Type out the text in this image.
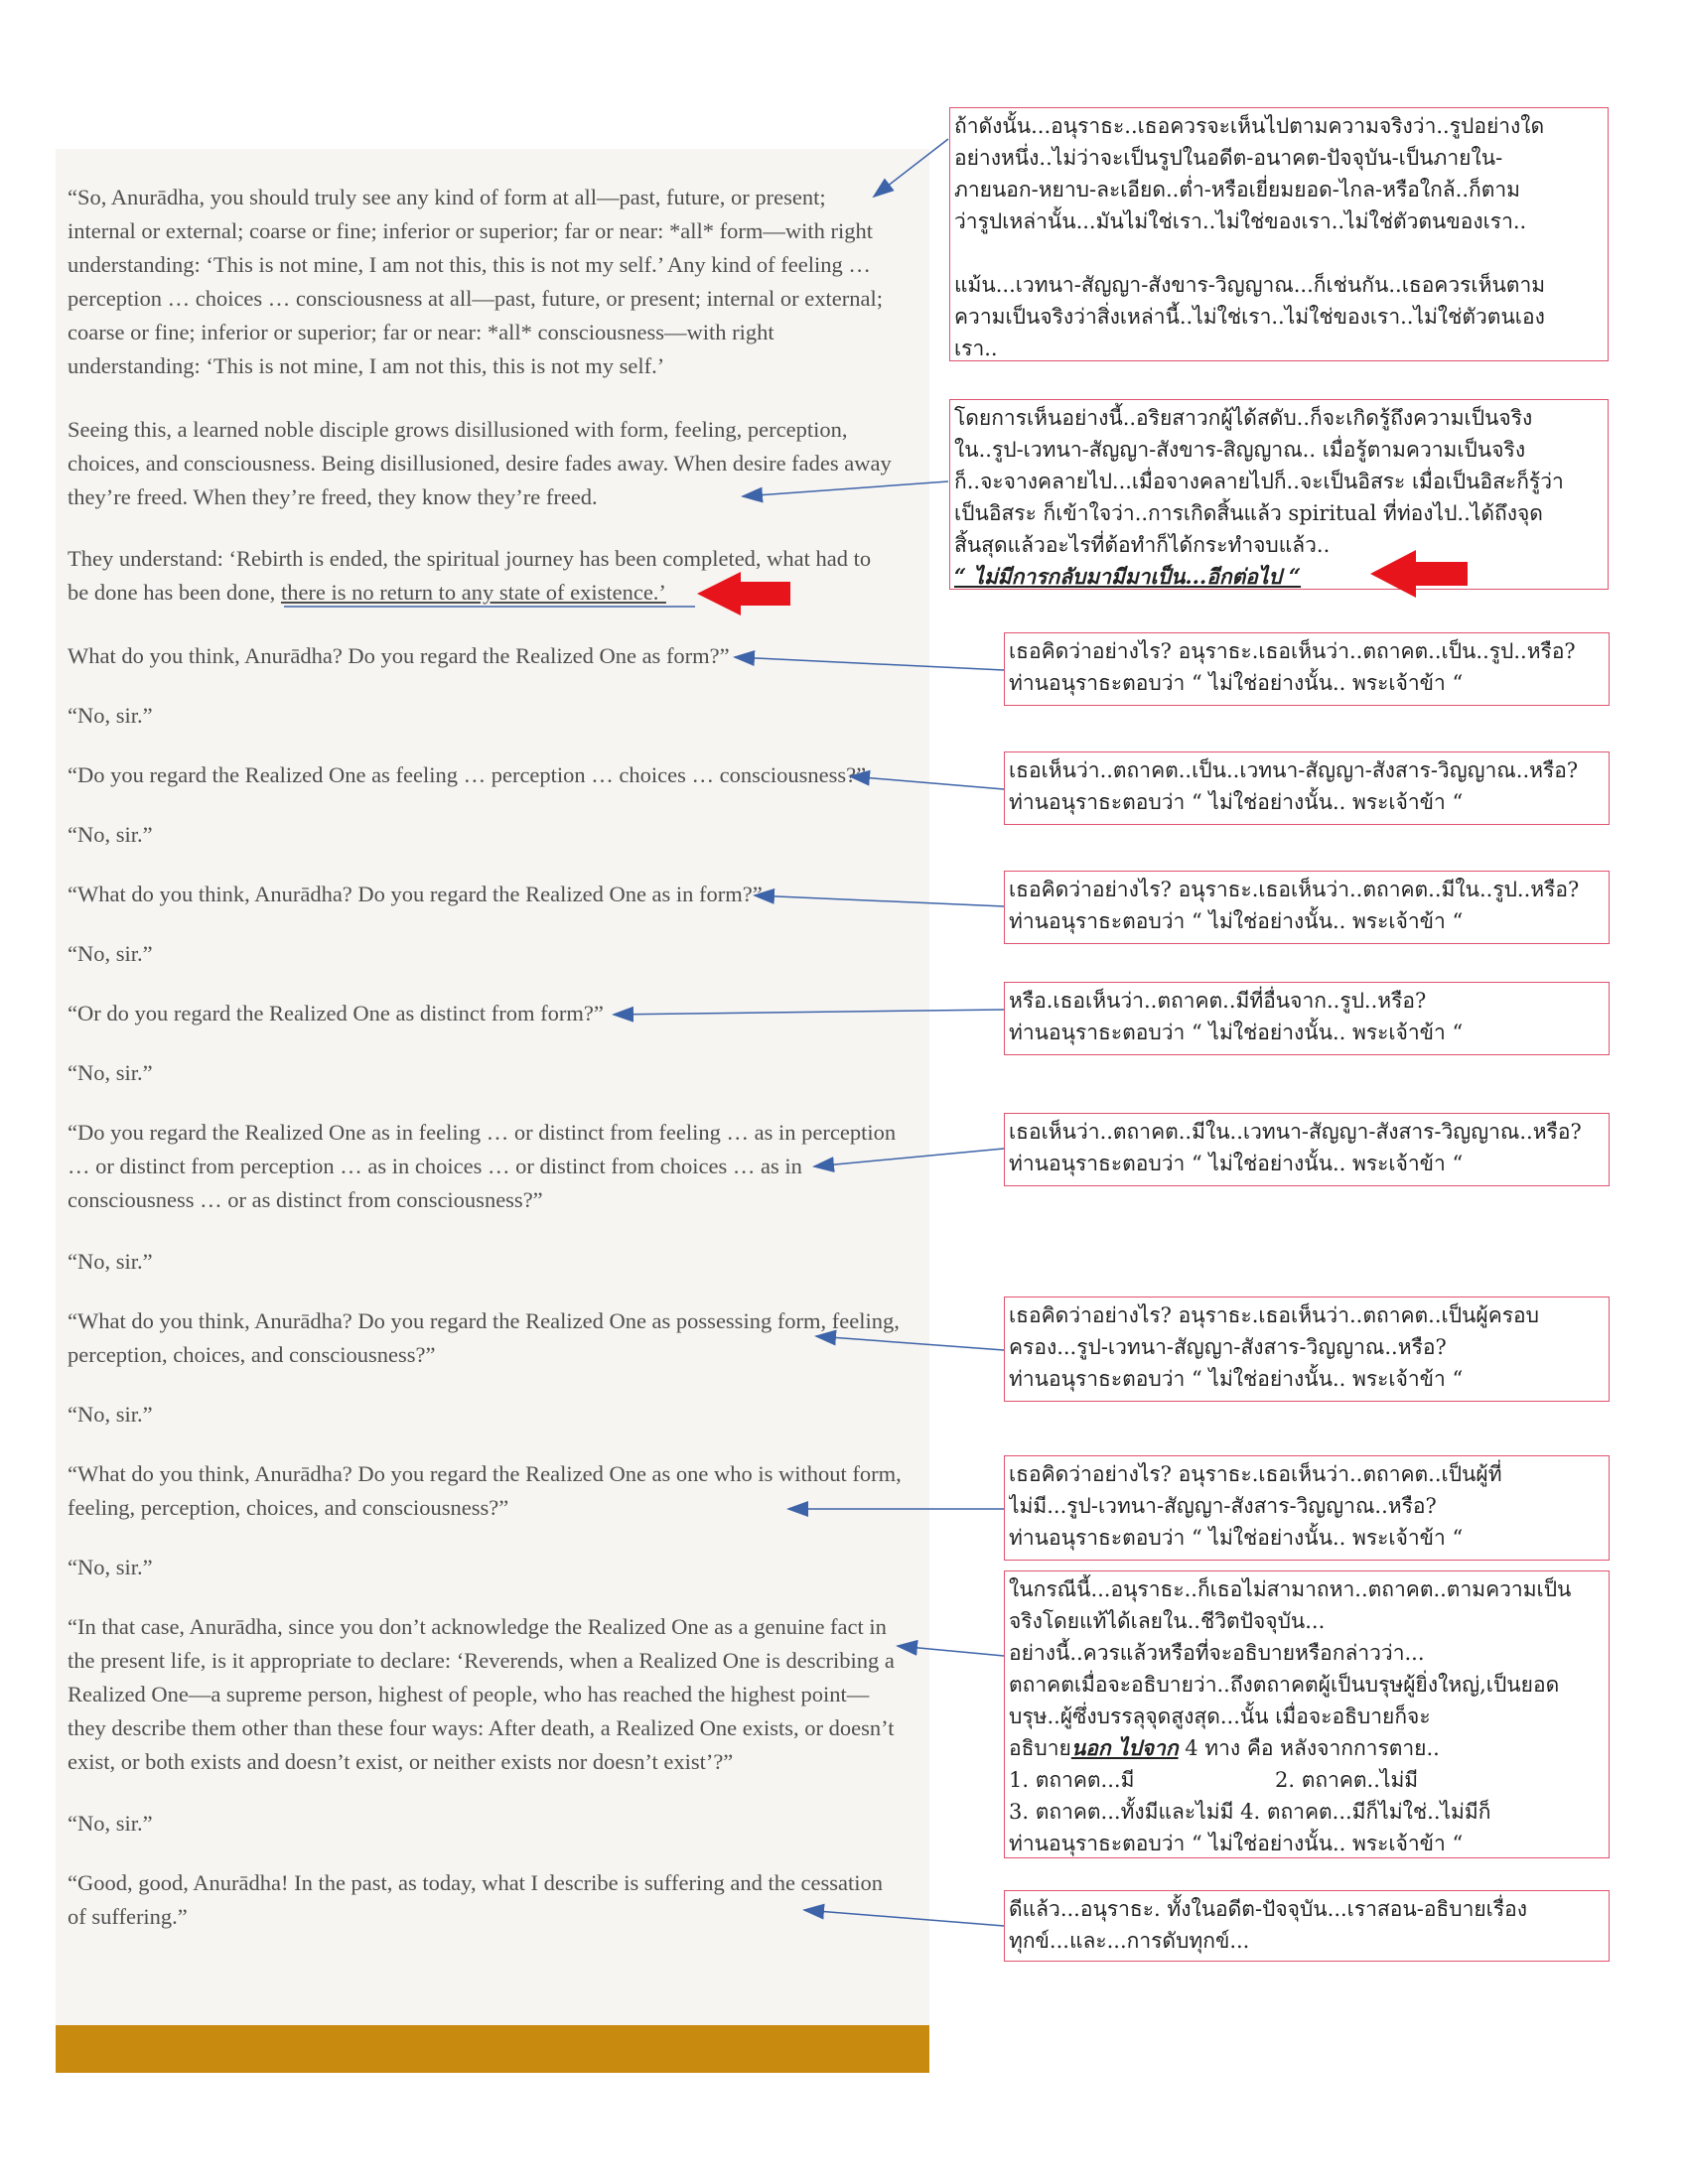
“So, Anurādha, you should truly see any kind of form at all—past, future, or present;
internal or external; coarse or fine; inferior or superior; far or near: *all* form—with right
understanding: ‘This is not mine, I am not this, this is not my self.’ Any kind of feeling …
perception … choices … consciousness at all—past, future, or present; internal or external;
coarse or fine; inferior or superior; far or near: *all* consciousness—with right
understanding: ‘This is not mine, I am not this, this is not my self.’
Seeing this, a learned noble disciple grows disillusioned with form, feeling, perception,
choices, and consciousness. Being disillusioned, desire fades away. When desire fades away
they’re freed. When they’re freed, they know they’re freed.
They understand: ‘Rebirth is ended, the spiritual journey has been completed, what had to
be done has been done, there is no return to any state of existence.’
What do you think, Anurādha? Do you regard the Realized One as form?”
“No, sir.”
“Do you regard the Realized One as feeling … perception … choices … consciousness?”
“No, sir.”
“What do you think, Anurādha? Do you regard the Realized One as in form?”
“No, sir.”
“Or do you regard the Realized One as distinct from form?”
“No, sir.”
“Do you regard the Realized One as in feeling … or distinct from feeling … as in perception
… or distinct from perception … as in choices … or distinct from choices … as in
consciousness … or as distinct from consciousness?”
“No, sir.”
“What do you think, Anurādha? Do you regard the Realized One as possessing form, feeling,
perception, choices, and consciousness?”
“No, sir.”
“What do you think, Anurādha? Do you regard the Realized One as one who is without form,
feeling, perception, choices, and consciousness?”
“No, sir.”
“In that case, Anurādha, since you don’t acknowledge the Realized One as a genuine fact in
the present life, is it appropriate to declare: ‘Reverends, when a Realized One is describing a
Realized One—a supreme person, highest of people, who has reached the highest point—
they describe them other than these four ways: After death, a Realized One exists, or doesn’t
exist, or both exists and doesn’t exist, or neither exists nor doesn’t exist’?”
“No, sir.”
“Good, good, Anurādha! In the past, as today, what I describe is suffering and the cessation
of suffering.”
ถ้าดังนั้น...อนุราธะ..เธอควรจะเห็นไปตามความจริงว่า..รูปอย่างใด
อย่างหนึ่ง..ไม่ว่าจะเป็นรูปในอดีต-อนาคต-ปัจจุบัน-เป็นภายใน-
ภายนอก-หยาบ-ละเอียด..ต่ำ-หรือเยี่ยมยอด-ไกล-หรือใกล้..ก็ตาม
ว่ารูปเหล่านั้น...มันไม่ใช่เรา..ไม่ใช่ของเรา..ไม่ใช่ตัวตนของเรา..
แม้น...เวทนา-สัญญา-สังขาร-วิญญาณ...ก็เช่นกัน..เธอควรเห็นตาม
ความเป็นจริงว่าสิ่งเหล่านี้..ไม่ใช่เรา..ไม่ใช่ของเรา..ไม่ใช่ตัวตนเอง
เรา..
โดยการเห็นอย่างนี้..อริยสาวกผู้ได้สดับ..ก็จะเกิดรู้ถึงความเป็นจริง
ใน..รูป-เวทนา-สัญญา-สังขาร-สิญญาณ.. เมื่อรู้ตามความเป็นจริง
ก็..จะจางคลายไป...เมื่อจางคลายไปก็..จะเป็นอิสระ เมื่อเป็นอิสะก็รู้ว่า
เป็นอิสระ ก็เข้าใจว่า..การเกิดสิ้นแล้ว spiritual ที่ท่องไป..ได้ถึงจุด
สิ้นสุดแล้วอะไรที่ต้อทำก็ได้กระทำจบแล้ว..
“ ไม่มีการกลับมามีมาเป็น...อีกต่อไป “
เธอคิดว่าอย่างไร? อนุราธะ.เธอเห็นว่า..ตถาคต..เป็น..รูป..หรือ?
ท่านอนุราธะตอบว่า “ ไม่ใช่อย่างนั้น.. พระเจ้าข้า “
เธอเห็นว่า..ตถาคต..เป็น..เวทนา-สัญญา-สังสาร-วิญญาณ..หรือ?
ท่านอนุราธะตอบว่า “ ไม่ใช่อย่างนั้น.. พระเจ้าข้า “
เธอคิดว่าอย่างไร? อนุราธะ.เธอเห็นว่า..ตถาคต..มีใน..รูป..หรือ?
ท่านอนุราธะตอบว่า “ ไม่ใช่อย่างนั้น.. พระเจ้าข้า “
หรือ.เธอเห็นว่า..ตถาคต..มีที่อื่นจาก..รูป..หรือ?
ท่านอนุราธะตอบว่า “ ไม่ใช่อย่างนั้น.. พระเจ้าข้า “
เธอเห็นว่า..ตถาคต..มีใน..เวทนา-สัญญา-สังสาร-วิญญาณ..หรือ?
ท่านอนุราธะตอบว่า “ ไม่ใช่อย่างนั้น.. พระเจ้าข้า “
เธอคิดว่าอย่างไร? อนุราธะ.เธอเห็นว่า..ตถาคต..เป็นผู้ครอบ
ครอง...รูป-เวทนา-สัญญา-สังสาร-วิญญาณ..หรือ?
ท่านอนุราธะตอบว่า “ ไม่ใช่อย่างนั้น.. พระเจ้าข้า “
เธอคิดว่าอย่างไร? อนุราธะ.เธอเห็นว่า..ตถาคต..เป็นผู้ที่
ไม่มี...รูป-เวทนา-สัญญา-สังสาร-วิญญาณ..หรือ?
ท่านอนุราธะตอบว่า “ ไม่ใช่อย่างนั้น.. พระเจ้าข้า “
ในกรณีนี้...อนุราธะ..ก็เธอไม่สามาถหา..ตถาคต..ตามความเป็น
จริงโดยแท้ได้เลยใน..ชีวิตปัจจุบัน...
อย่างนี้..ควรแล้วหรือที่จะอธิบายหรือกล่าวว่า...
ตถาคตเมื่อจะอธิบายว่า..ถึงตถาคตผู้เป็นบรุษผู้ยิ่งใหญ่,เป็นยอด
บรุษ..ผู้ซึ่งบรรลุจุดสูงสุด...นั้น เมื่อจะอธิบายก็จะ
อธิบายนอก ไปจาก 4 ทาง คือ หลังจากการตาย..
1. ตถาคต...มี	2. ตถาคต..ไม่มี
3. ตถาคต...ทั้งมีและไม่มี 4. ตถาคต...มีก็ไม่ใช่..ไม่มีก็
ท่านอนุราธะตอบว่า “ ไม่ใช่อย่างนั้น.. พระเจ้าข้า “
ดีแล้ว...อนุราธะ. ทั้งในอดีต-ปัจจุบัน...เราสอน-อธิบายเรื่อง
ทุกข์...และ...การดับทุกข์...
